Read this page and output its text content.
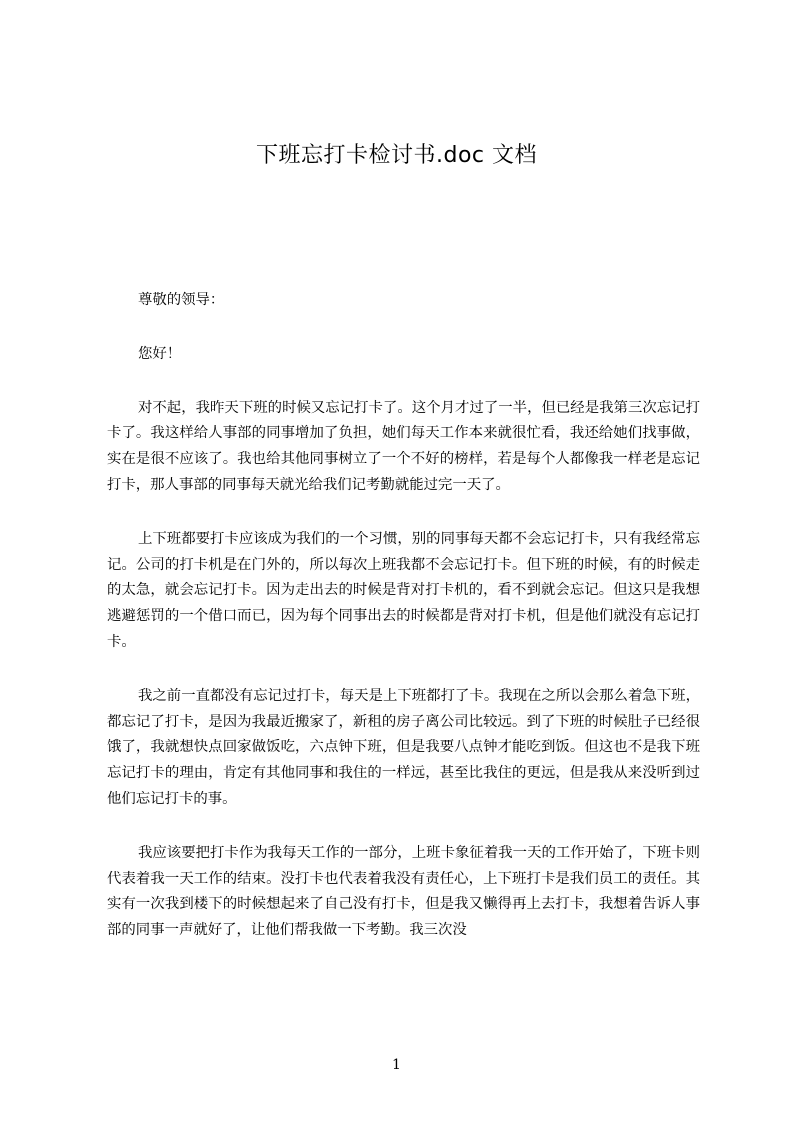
下班忘打卡检讨书.doc 文档

尊敬的领导：

您好！

对不起，我昨天下班的时候又忘记打卡了。这个月才过了一半，但已经是我第三次忘记打卡了。我这样给人事部的同事增加了负担，她们每天工作本来就很忙看，我还给她们找事做，实在是很不应该了。我也给其他同事树立了一个不好的榜样，若是每个人都像我一样老是忘记打卡，那人事部的同事每天就光给我们记考勤就能过完一天了。

上下班都要打卡应该成为我们的一个习惯，别的同事每天都不会忘记打卡，只有我经常忘记。公司的打卡机是在门外的，所以每次上班我都不会忘记打卡。但下班的时候，有的时候走的太急，就会忘记打卡。因为走出去的时候是背对打卡机的，看不到就会忘记。但这只是我想逃避惩罚的一个借口而已，因为每个同事出去的时候都是背对打卡机，但是他们就没有忘记打卡。

我之前一直都没有忘记过打卡，每天是上下班都打了卡。我现在之所以会那么着急下班，都忘记了打卡，是因为我最近搬家了，新租的房子离公司比较远。到了下班的时候肚子已经很饿了，我就想快点回家做饭吃，六点钟下班，但是我要八点钟才能吃到饭。但这也不是我下班忘记打卡的理由，肯定有其他同事和我住的一样远，甚至比我住的更远，但是我从来没听到过他们忘记打卡的事。

我应该要把打卡作为我每天工作的一部分，上班卡象征着我一天的工作开始了，下班卡则代表着我一天工作的结束。没打卡也代表着我没有责任心，上下班打卡是我们员工的责任。其实有一次我到楼下的时候想起来了自己没有打卡，但是我又懒得再上去打卡，我想着告诉人事部的同事一声就好了，让他们帮我做一下考勤。我三次没

1
